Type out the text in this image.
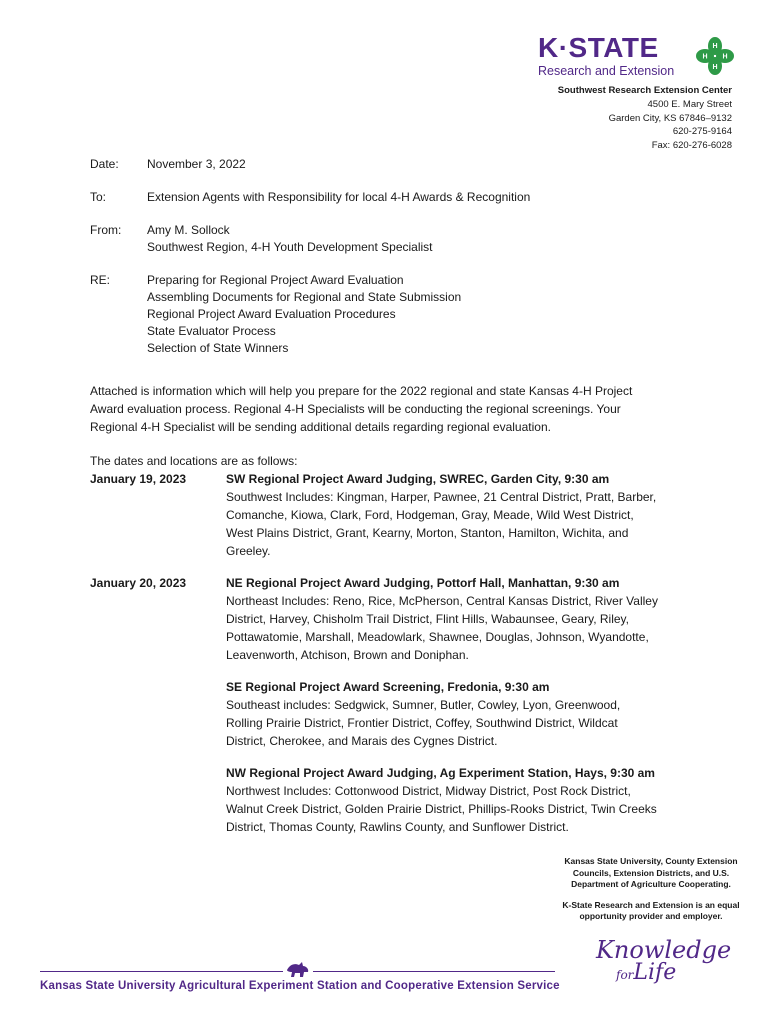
K·STATE
Research and Extension
H
H
H H
Southwest Research Extension Center
4500 E. Mary Street
Garden City, KS 67846–9132
620-275-9164
Fax: 620-276-6028
Date:	November 3, 2022
To:	Extension Agents with Responsibility for local 4-H Awards & Recognition
From:	Amy M. Sollock
Southwest Region, 4-H Youth Development Specialist
RE:	Preparing for Regional Project Award Evaluation
Assembling Documents for Regional and State Submission
Regional Project Award Evaluation Procedures
State Evaluator Process
Selection of State Winners
Attached is information which will help you prepare for the 2022 regional and state Kansas 4-H Project
Award evaluation process. Regional 4-H Specialists will be conducting the regional screenings. Your
Regional 4-H Specialist will be sending additional details regarding regional evaluation.
The dates and locations are as follows:
January 19, 2023	SW Regional Project Award Judging, SWREC, Garden City, 9:30 am
Southwest Includes: Kingman, Harper, Pawnee, 21 Central District, Pratt, Barber,
Comanche, Kiowa, Clark, Ford, Hodgeman, Gray, Meade, Wild West District,
West Plains District, Grant, Kearny, Morton, Stanton, Hamilton, Wichita, and
Greeley.
January 20, 2023	NE Regional Project Award Judging, Pottorf Hall, Manhattan, 9:30 am
Northeast Includes: Reno, Rice, McPherson, Central Kansas District, River Valley
District, Harvey, Chisholm Trail District, Flint Hills, Wabaunsee, Geary, Riley,
Pottawatomie, Marshall, Meadowlark, Shawnee, Douglas, Johnson, Wyandotte,
Leavenworth, Atchison, Brown and Doniphan.
SE Regional Project Award Screening, Fredonia, 9:30 am
Southeast includes: Sedgwick, Sumner, Butler, Cowley, Lyon, Greenwood,
Rolling Prairie District, Frontier District, Coffey, Southwind District, Wildcat
District, Cherokee, and Marais des Cygnes District.
NW Regional Project Award Judging, Ag Experiment Station, Hays, 9:30 am
Northwest Includes: Cottonwood District, Midway District, Post Rock District,
Walnut Creek District, Golden Prairie District, Phillips-Rooks District, Twin Creeks
District, Thomas County, Rawlins County, and Sunflower District.

Kansas State University, County Extension
Councils, Extension Districts, and U.S.
Department of Agriculture Cooperating.

K-State Research and Extension is an equal
opportunity provider and employer.

Knowledge
forLife
Kansas State University Agricultural Experiment Station and Cooperative Extension Service
